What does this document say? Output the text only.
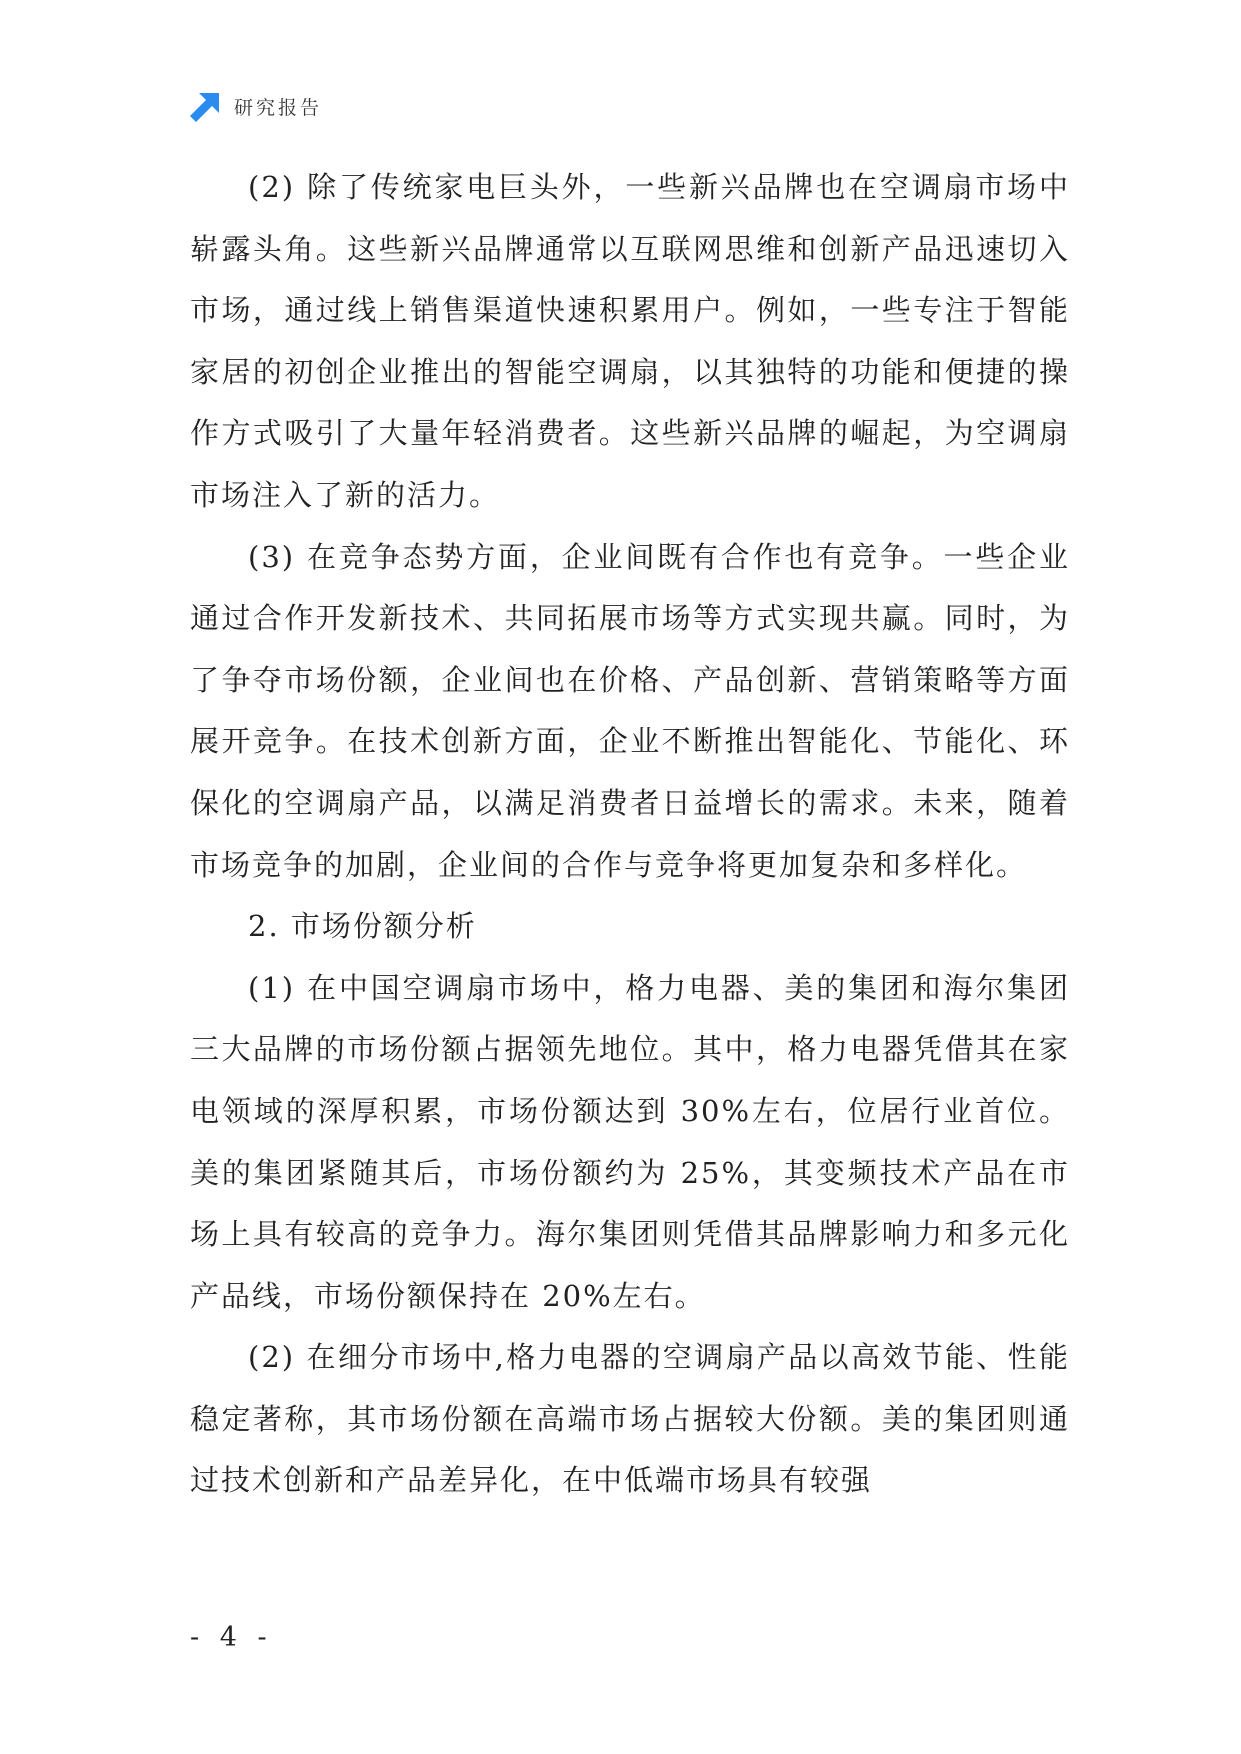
研究报告

(2) 除了传统家电巨头外，一些新兴品牌也在空调扇市场中崭露头角。这些新兴品牌通常以互联网思维和创新产品迅速切入市场，通过线上销售渠道快速积累用户。例如，一些专注于智能家居的初创企业推出的智能空调扇，以其独特的功能和便捷的操作方式吸引了大量年轻消费者。这些新兴品牌的崛起，为空调扇市场注入了新的活力。

(3) 在竞争态势方面，企业间既有合作也有竞争。一些企业通过合作开发新技术、共同拓展市场等方式实现共赢。同时，为了争夺市场份额，企业间也在价格、产品创新、营销策略等方面展开竞争。在技术创新方面，企业不断推出智能化、节能化、环保化的空调扇产品，以满足消费者日益增长的需求。未来，随着市场竞争的加剧，企业间的合作与竞争将更加复杂和多样化。

2. 市场份额分析

(1) 在中国空调扇市场中，格力电器、美的集团和海尔集团三大品牌的市场份额占据领先地位。其中，格力电器凭借其在家电领域的深厚积累，市场份额达到 30%左右，位居行业首位。美的集团紧随其后，市场份额约为 25%，其变频技术产品在市场上具有较高的竞争力。海尔集团则凭借其品牌影响力和多元化产品线，市场份额保持在 20%左右。

(2) 在细分市场中,格力电器的空调扇产品以高效节能、性能稳定著称，其市场份额在高端市场占据较大份额。美的集团则通过技术创新和产品差异化，在中低端市场具有较强

- 4 -
